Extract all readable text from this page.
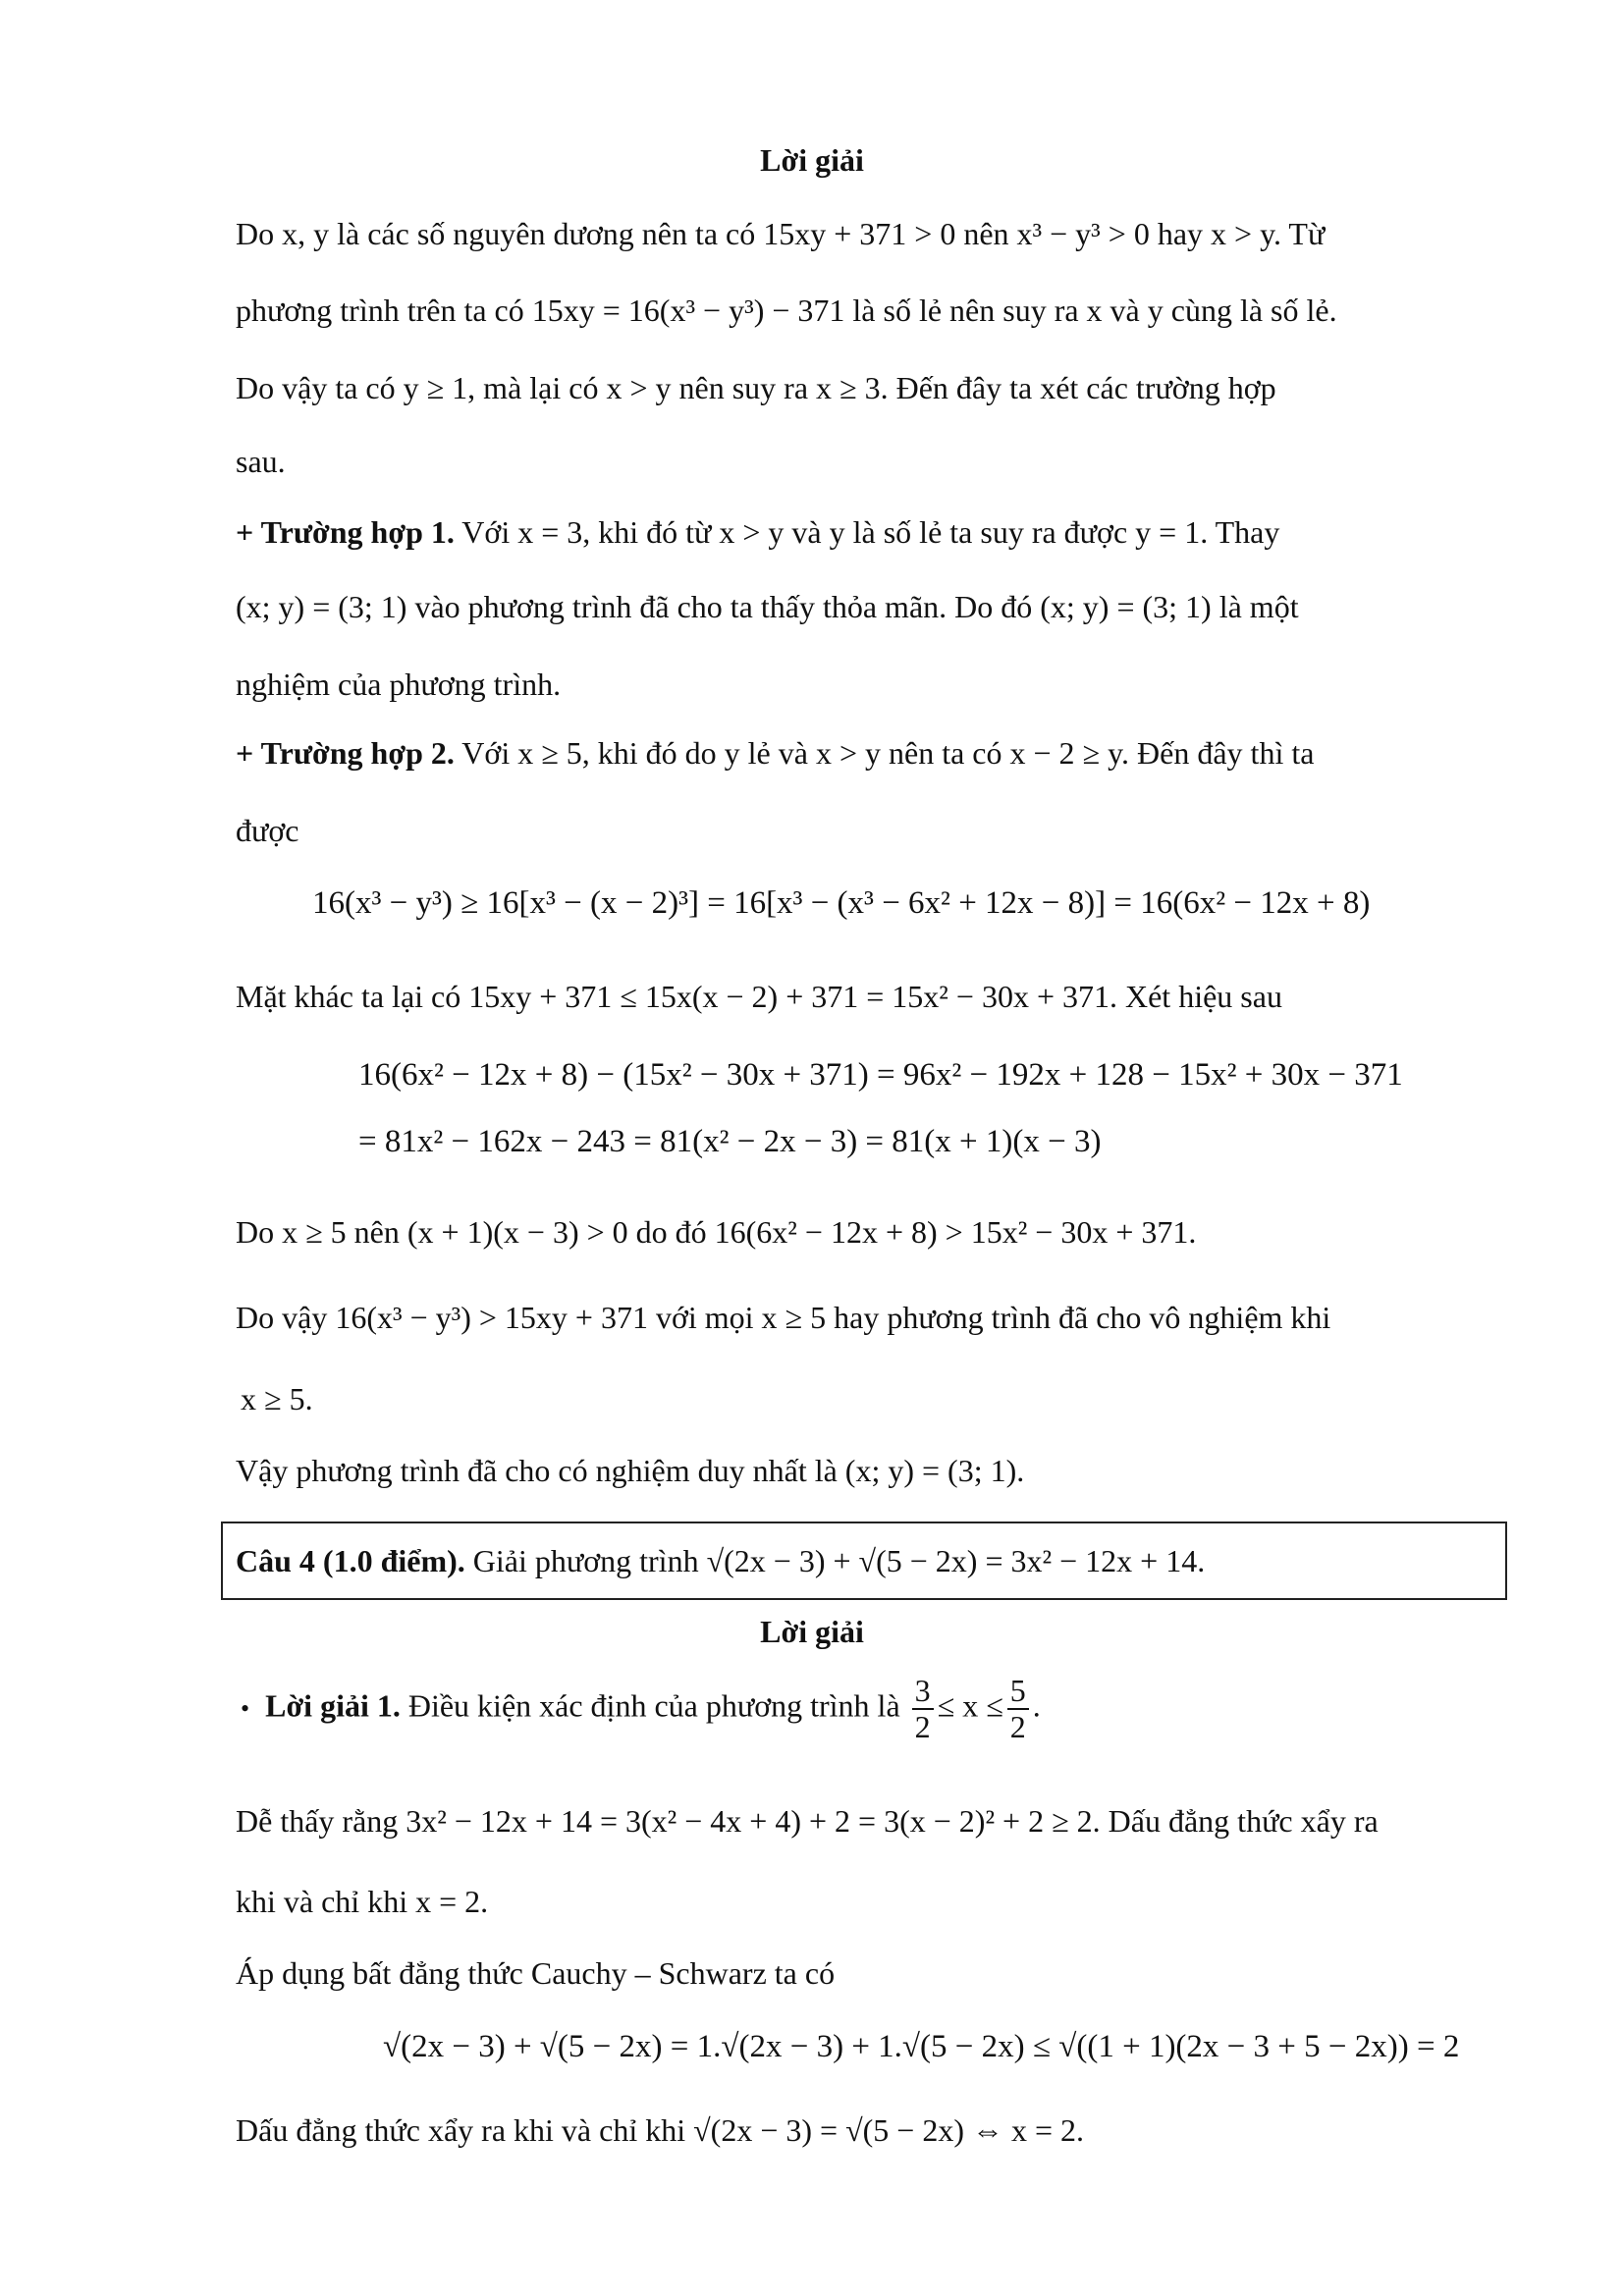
Lời giải
Do x, y là các số nguyên dương nên ta có 15xy + 371 > 0 nên x³ − y³ > 0 hay x > y. Từ
phương trình trên ta có 15xy = 16(x³ − y³) − 371 là số lẻ nên suy ra x và y cùng là số lẻ.
Do vậy ta có y ≥ 1, mà lại có x > y nên suy ra x ≥ 3. Đến đây ta xét các trường hợp
sau.
+ Trường hợp 1. Với x = 3, khi đó từ x > y và y là số lẻ ta suy ra được y = 1. Thay
(x; y) = (3; 1) vào phương trình đã cho ta thấy thỏa mãn. Do đó (x; y) = (3; 1) là một
nghiệm của phương trình.
+ Trường hợp 2. Với x ≥ 5, khi đó do y lẻ và x > y nên ta có x − 2 ≥ y. Đến đây thì ta
được
16(x³ − y³) ≥ 16[x³ − (x − 2)³] = 16[x³ − (x³ − 6x² + 12x − 8)] = 16(6x² − 12x + 8)
Mặt khác ta lại có 15xy + 371 ≤ 15x(x − 2) + 371 = 15x² − 30x + 371. Xét hiệu sau
16(6x² − 12x + 8) − (15x² − 30x + 371) = 96x² − 192x + 128 − 15x² + 30x − 371
= 81x² − 162x − 243 = 81(x² − 2x − 3) = 81(x + 1)(x − 3)
Do x ≥ 5 nên (x + 1)(x − 3) > 0 do đó 16(6x² − 12x + 8) > 15x² − 30x + 371.
Do vậy 16(x³ − y³) > 15xy + 371 với mọi x ≥ 5 hay phương trình đã cho vô nghiệm khi
x ≥ 5.
Vậy phương trình đã cho có nghiệm duy nhất là (x; y) = (3; 1).
Câu 4 (1.0 điểm). Giải phương trình √(2x − 3) + √(5 − 2x) = 3x² − 12x + 14.
Lời giải
• Lời giải 1. Điều kiện xác định của phương trình là $\frac{3}{2} \le x \le \frac{5}{2}$ .
Dễ thấy rằng 3x² − 12x + 14 = 3(x² − 4x + 4) + 2 = 3(x − 2)² + 2 ≥ 2. Dấu đẳng thức xẩy ra
khi và chỉ khi x = 2.
Áp dụng bất đẳng thức Cauchy – Schwarz ta có
√(2x − 3) + √(5 − 2x) = 1.√(2x − 3) + 1.√(5 − 2x) ≤ √((1 + 1)(2x − 3 + 5 − 2x)) = 2
Dấu đẳng thức xẩy ra khi và chỉ khi √(2x − 3) = √(5 − 2x) ⇔ x = 2.
